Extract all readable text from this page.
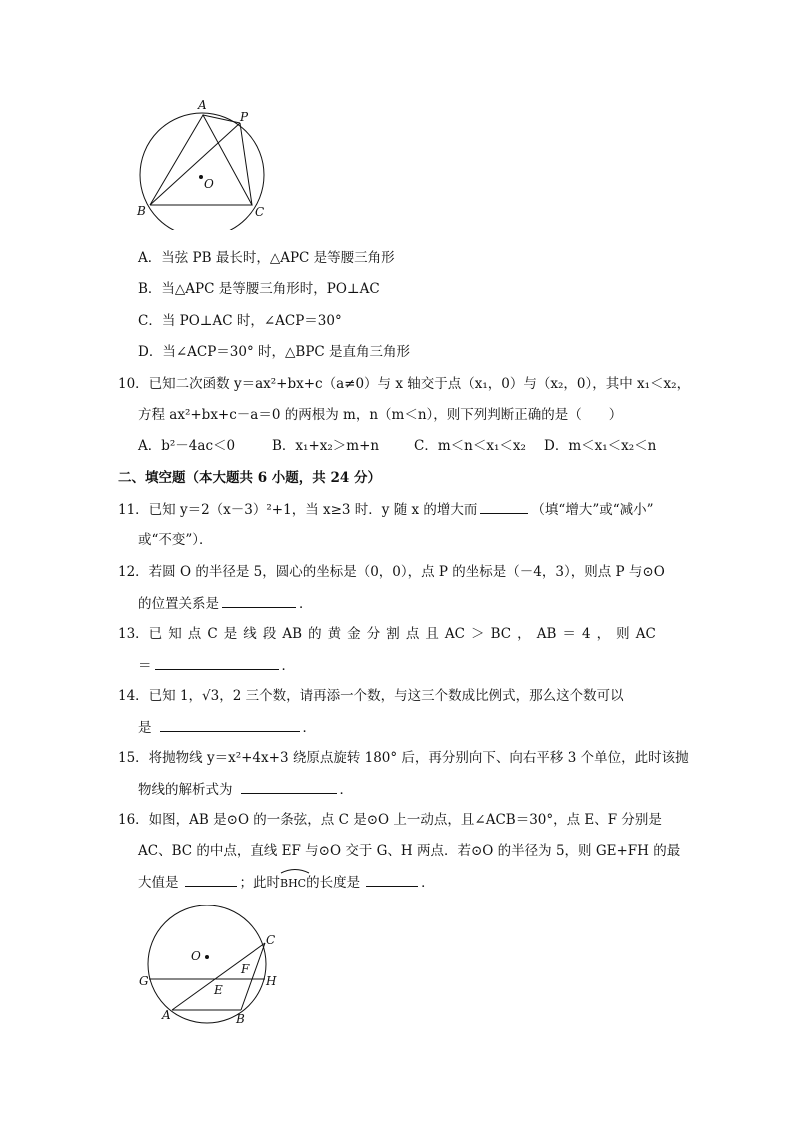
A
P
O
B	C
A．当弦 PB 最长时，△APC 是等腰三角形
B．当△APC 是等腰三角形时，PO⊥AC
C．当 PO⊥AC 时，∠ACP＝30°
D．当∠ACP＝30° 时，△BPC 是直角三角形
10．已知二次函数 y＝ax²+bx+c（a≠0）与 x 轴交于点（x₁，0）与（x₂，0），其中 x₁＜x₂，
方程 ax²+bx+c－a＝0 的两根为 m，n（m＜n），则下列判断正确的是（　　）
A．b²－4ac＜0	B．x₁+x₂＞m+n	C．m＜n＜x₁＜x₂ D．m＜x₁＜x₂＜n
二、填空题（本大题共 6 小题，共 24 分）
11．已知 y＝2（x－3）²+1，当 x≥3 时．y 随 x 的增大而	（填“增大”或“减小”
或“不变”）．
12．若圆 O 的半径是 5，圆心的坐标是（0，0），点 P 的坐标是（－4，3），则点 P 与⊙O
的位置关系是	．
13．已 知 点 C 是 线 段 AB 的 黄 金 分 割 点 且 AC ＞ BC ， AB ＝ 4 ， 则 AC
＝	．
14．已知 1，√3，2 三个数，请再添一个数，与这三个数成比例式，那么这个数可以
是	．
15．将抛物线 y＝x²+4x+3 绕原点旋转 180° 后，再分别向下、向右平移 3 个单位，此时该抛
物线的解析式为	．
16．如图，AB 是⊙O 的一条弦，点 C 是⊙O 上一动点，且∠ACB＝30°，点 E、F 分别是
AC、BC 的中点，直线 EF 与⊙O 交于 G、H 两点．若⊙O 的半径为 5，则 GE+FH 的最
大值是	；此时
BHC的长度是	．
O
C
F
G	H
E
A	B
